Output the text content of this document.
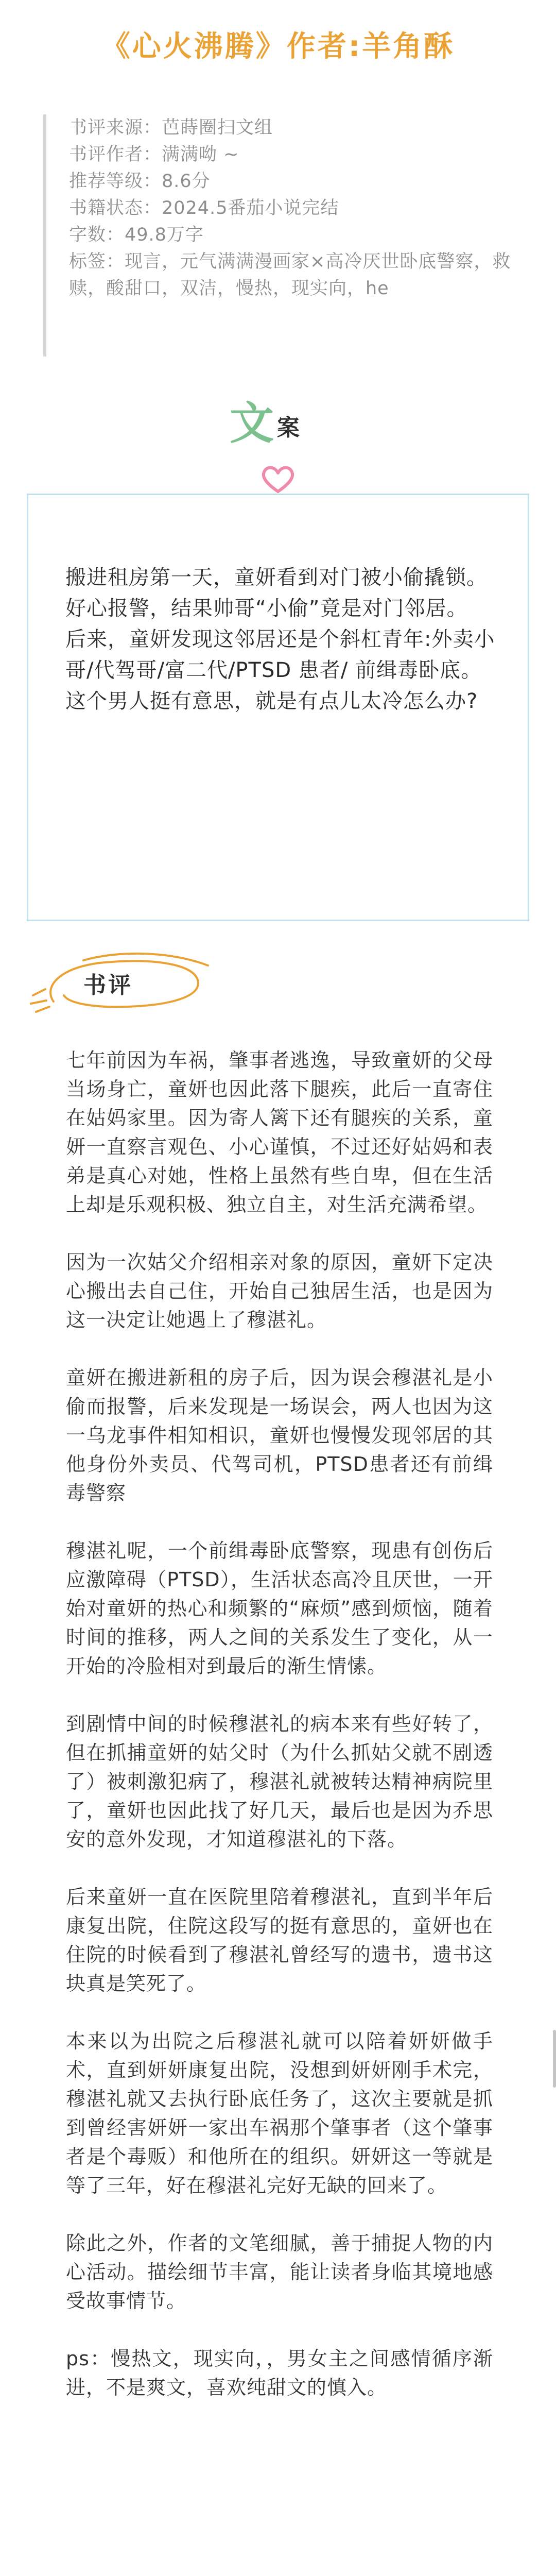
《心火沸腾》作者:羊角酥
书评来源：芭蒔圈扫文组
书评作者：满满呦 ~
推荐等级：8.6分
书籍状态：2024.5番茄小说完结
字数：49.8万字
标签：现言，元气满满漫画家×高冷厌世卧底警察，救赎，酸甜口，双洁，慢热，现实向，he
文 案

搬进租房第一天，童妍看到对门被小偷撬锁。

好心报警，结果帅哥“小偷”竟是对门邻居。

后来，童妍发现这邻居还是个斜杠青年:外卖小哥/代驾哥/富二代/PTSD 患者/ 前缉毒卧底。

这个男人挺有意思，就是有点儿太冷怎么办?

书评

七年前因为车祸，肇事者逃逸，导致童妍的父母当场身亡，童妍也因此落下腿疾，此后一直寄住在姑妈家里。因为寄人篱下还有腿疾的关系，童妍一直察言观色、小心谨慎，不过还好姑妈和表弟是真心对她，性格上虽然有些自卑，但在生活上却是乐观积极、独立自主，对生活充满希望。

因为一次姑父介绍相亲对象的原因，童妍下定决心搬出去自己住，开始自己独居生活，也是因为这一决定让她遇上了穆湛礼。

童妍在搬进新租的房子后，因为误会穆湛礼是小偷而报警，后来发现是一场误会，两人也因为这一乌龙事件相知相识，童妍也慢慢发现邻居的其他身份外卖员、代驾司机，PTSD患者还有前缉毒警察

穆湛礼呢，一个前缉毒卧底警察，现患有创伤后应激障碍（PTSD），生活状态高冷且厌世，一开始对童妍的热心和频繁的“麻烦”感到烦恼，随着时间的推移，两人之间的关系发生了变化，从一开始的冷脸相对到最后的渐生情愫。

到剧情中间的时候穆湛礼的病本来有些好转了，但在抓捕童妍的姑父时（为什么抓姑父就不剧透了）被刺激犯病了，穆湛礼就被转达精神病院里了，童妍也因此找了好几天，最后也是因为乔思安的意外发现，才知道穆湛礼的下落。

后来童妍一直在医院里陪着穆湛礼，直到半年后康复出院，住院这段写的挺有意思的，童妍也在住院的时候看到了穆湛礼曾经写的遗书，遗书这块真是笑死了。

本来以为出院之后穆湛礼就可以陪着妍妍做手术，直到妍妍康复出院，没想到妍妍刚手术完，穆湛礼就又去执行卧底任务了，这次主要就是抓到曾经害妍妍一家出车祸那个肇事者（这个肇事者是个毒贩）和他所在的组织。妍妍这一等就是等了三年，好在穆湛礼完好无缺的回来了。

除此之外，作者的文笔细腻，善于捕捉人物的内心活动。描绘细节丰富，能让读者身临其境地感受故事情节。

ps：慢热文，现实向，，男女主之间感情循序渐进，不是爽文，喜欢纯甜文的慎入。
